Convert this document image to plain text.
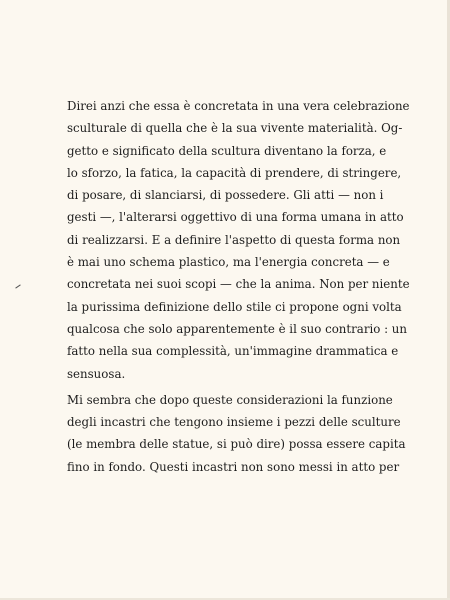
Direi anzi che essa è concretata in una vera celebrazione
sculturale di quella che è la sua vivente materialità. Og-
getto e significato della scultura diventano la forza, e
lo sforzo, la fatica, la capacità di prendere, di stringere,
di posare, di slanciarsi, di possedere. Gli atti — non i
gesti —, l'alterarsi oggettivo di una forma umana in atto
di realizzarsi. E a definire l'aspetto di questa forma non
è mai uno schema plastico, ma l'energia concreta — e
concretata nei suoi scopi — che la anima. Non per niente
la purissima definizione dello stile ci propone ogni volta
qualcosa che solo apparentemente è il suo contrario : un
fatto nella sua complessità, un'immagine drammatica e
sensuosa.
Mi sembra che dopo queste considerazioni la funzione
degli incastri che tengono insieme i pezzi delle sculture
(le membra delle statue, si può dire) possa essere capita
fino in fondo. Questi incastri non sono messi in atto per
